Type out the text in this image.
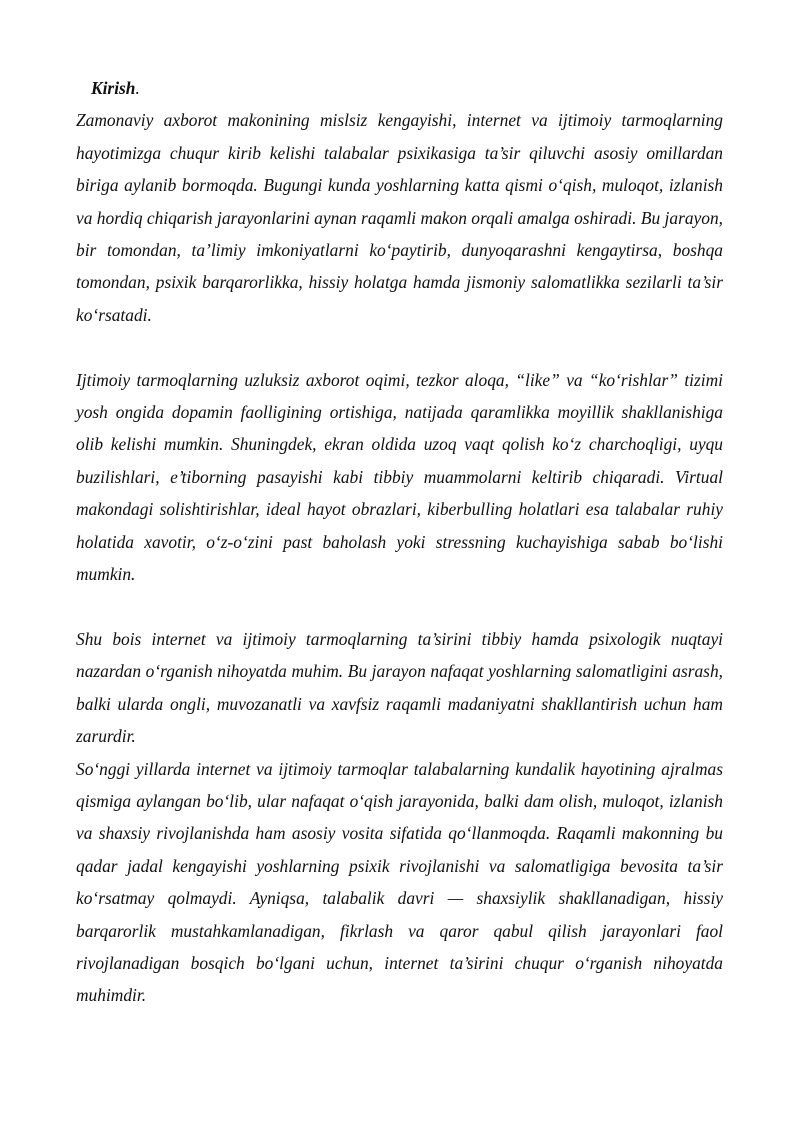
Kirish.

Zamonaviy axborot makonining mislsiz kengayishi, internet va ijtimoiy tarmoqlarning hayotimizga chuqur kirib kelishi talabalar psixikasiga ta’sir qiluvchi asosiy omillardan biriga aylanib bormoqda. Bugungi kunda yoshlarning katta qismi o‘qish, muloqot, izlanish va hordiq chiqarish jarayonlarini aynan raqamli makon orqali amalga oshiradi. Bu jarayon, bir tomondan, ta’limiy imkoniyatlarni ko‘paytirib, dunyoqarashni kengaytirsa, boshqa tomondan, psixik barqarorlikka, hissiy holatga hamda jismoniy salomatlikka sezilarli ta’sir ko‘rsatadi.

Ijtimoiy tarmoqlarning uzluksiz axborot oqimi, tezkor aloqa, “like” va “ko‘rishlar” tizimi yosh ongida dopamin faolligining ortishiga, natijada qaramlikka moyillik shakllanishiga olib kelishi mumkin. Shuningdek, ekran oldida uzoq vaqt qolish ko‘z charchoqligi, uyqu buzilishlari, e’tiborning pasayishi kabi tibbiy muammolarni keltirib chiqaradi. Virtual makondagi solishtirishlar, ideal hayot obrazlari, kiberbulling holatlari esa talabalar ruhiy holatida xavotir, o‘z-o‘zini past baholash yoki stressning kuchayishiga sabab bo‘lishi mumkin.

Shu bois internet va ijtimoiy tarmoqlarning ta’sirini tibbiy hamda psixologik nuqtayi nazardan o‘rganish nihoyatda muhim. Bu jarayon nafaqat yoshlarning salomatligini asrash, balki ularda ongli, muvozanatli va xavfsiz raqamli madaniyatni shakllantirish uchun ham zarurdir.

So‘nggi yillarda internet va ijtimoiy tarmoqlar talabalarning kundalik hayotining ajralmas qismiga aylangan bo‘lib, ular nafaqat o‘qish jarayonida, balki dam olish, muloqot, izlanish va shaxsiy rivojlanishda ham asosiy vosita sifatida qo‘llanmoqda. Raqamli makonning bu qadar jadal kengayishi yoshlarning psixik rivojlanishi va salomatligiga bevosita ta’sir ko‘rsatmay qolmaydi. Ayniqsa, talabalik davri — shaxsiylik shakllanadigan, hissiy barqarorlik mustahkamlanadigan, fikrlash va qaror qabul qilish jarayonlari faol rivojlanadigan bosqich bo‘lgani uchun, internet ta’sirini chuqur o‘rganish nihoyatda muhimdir.
